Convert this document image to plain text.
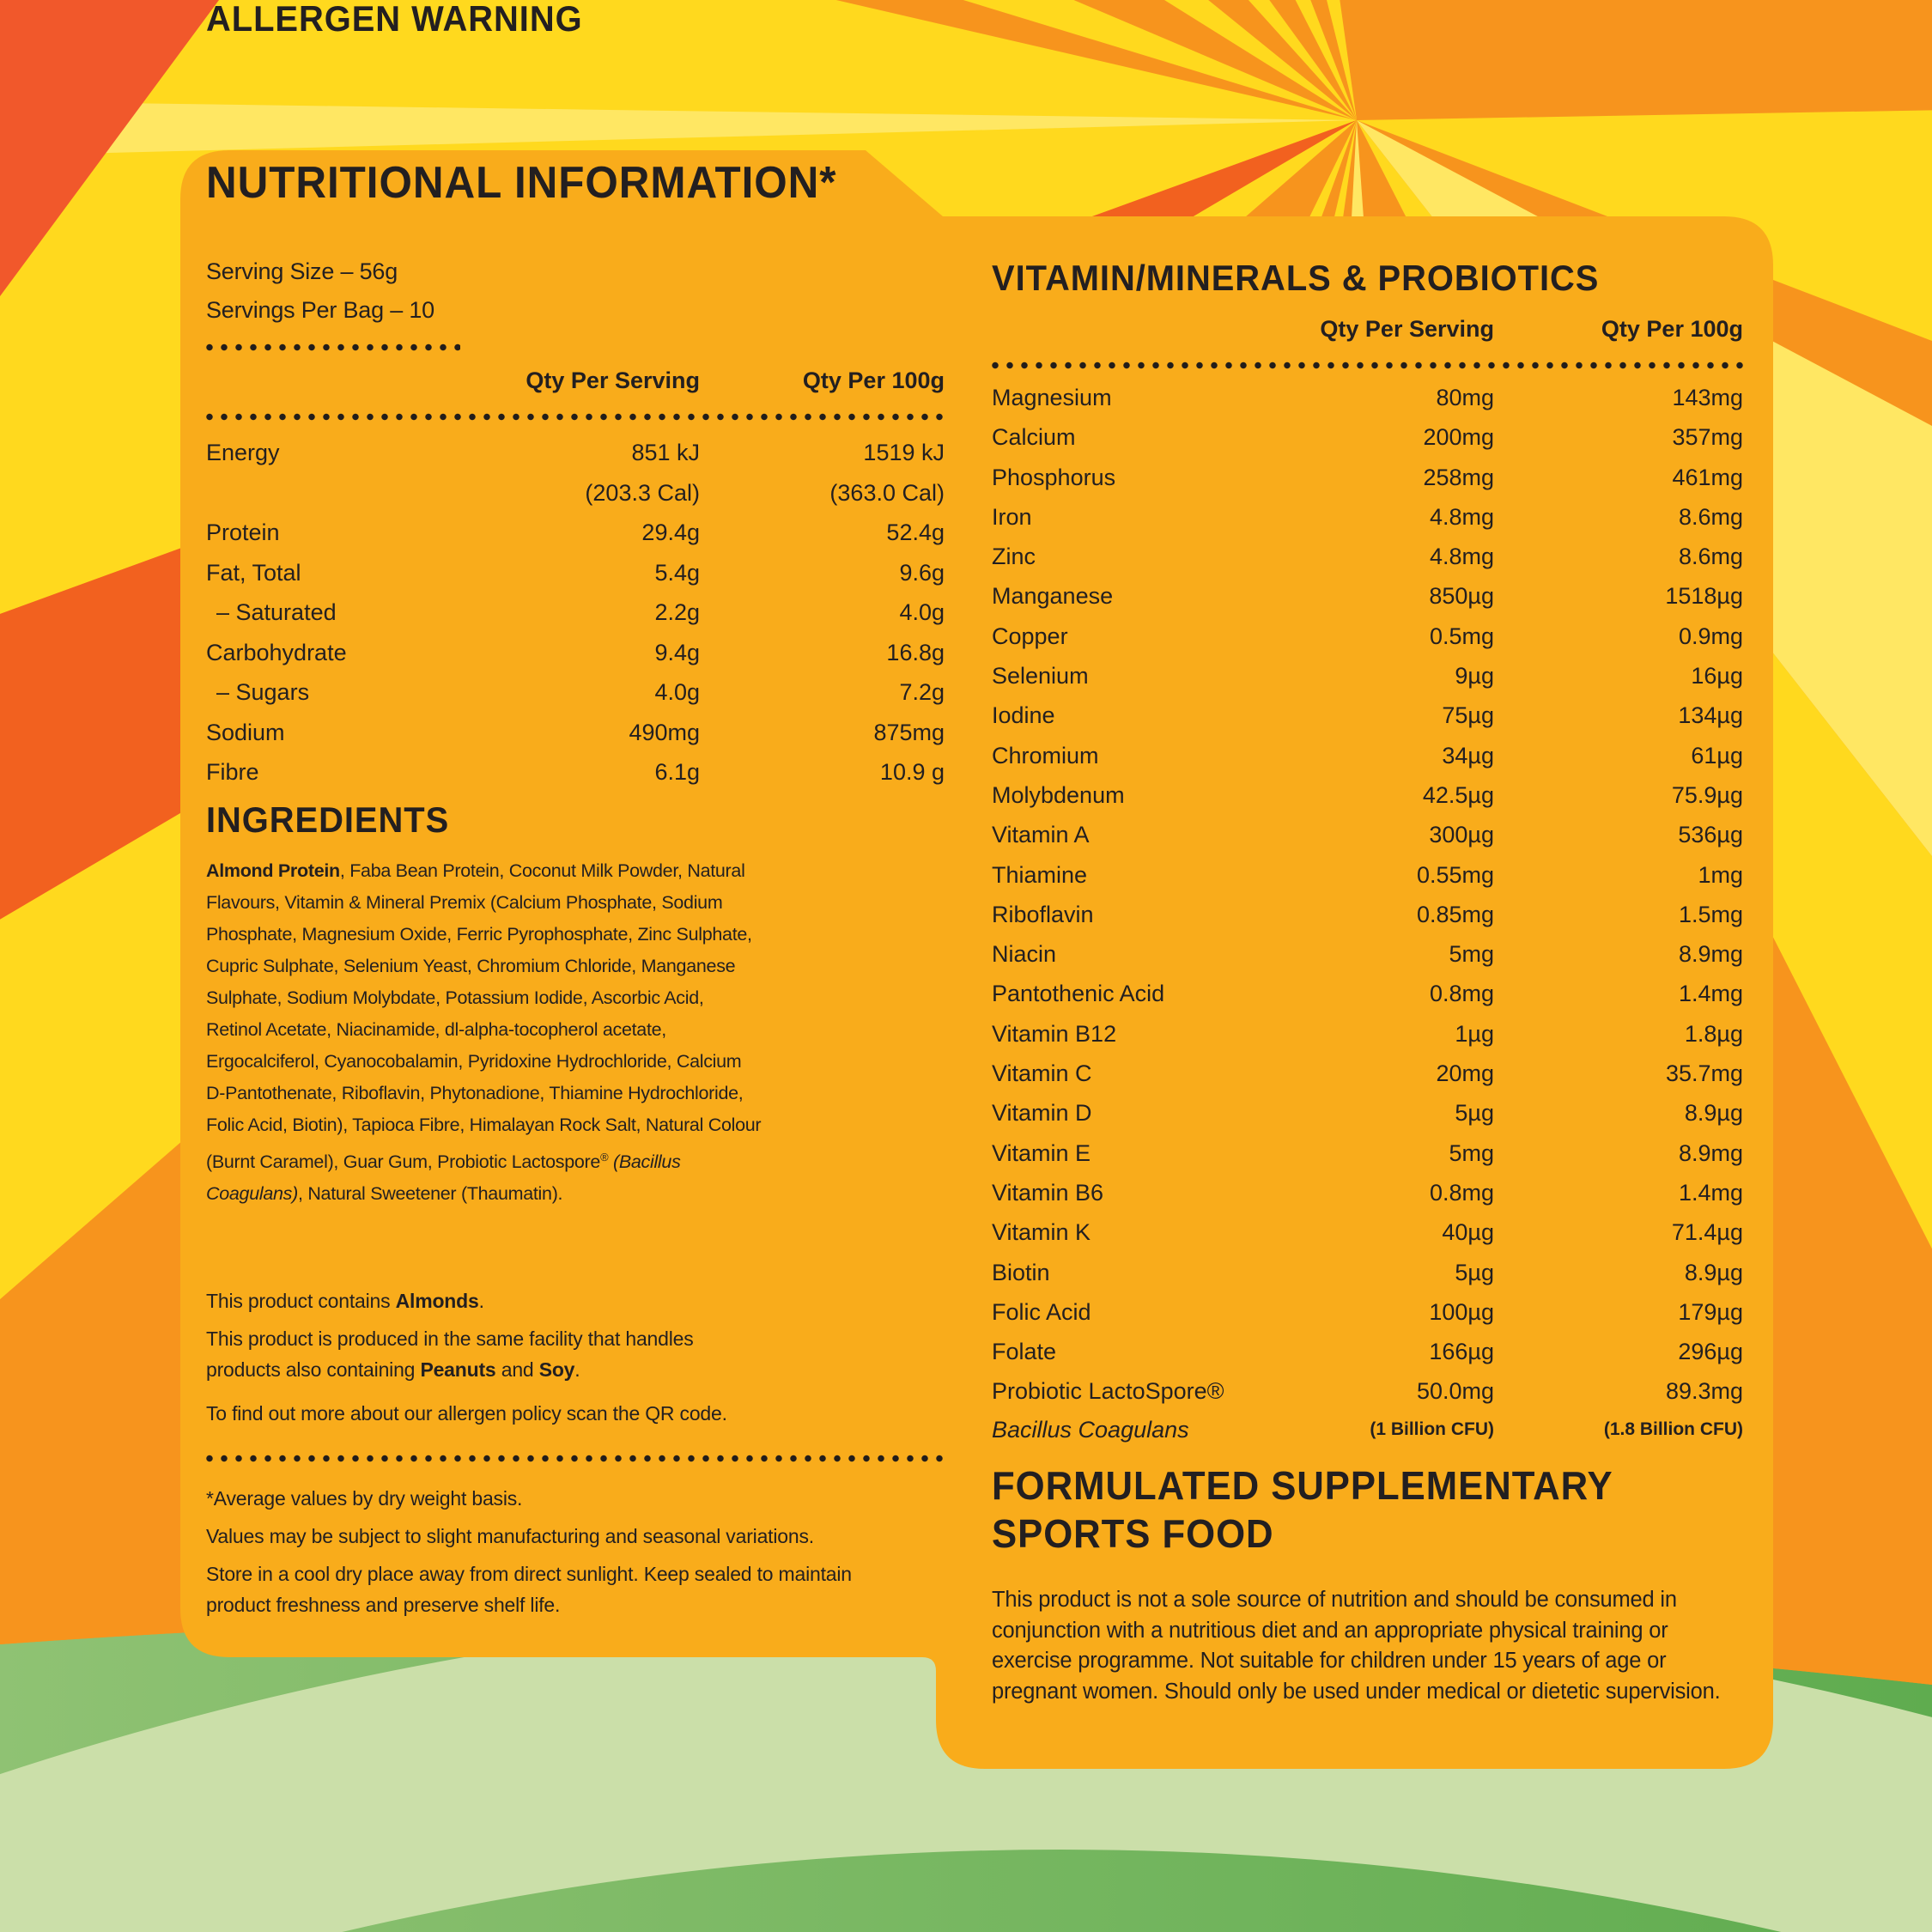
NUTRITIONAL INFORMATION*
Serving Size – 56g
Servings Per Bag – 10
Qty Per Serving	Qty Per 100g
Energy	851 kJ	1519 kJ
(203.3 Cal)	(363.0 Cal)
Protein	29.4g	52.4g
Fat, Total	5.4g	9.6g
– Saturated	2.2g	4.0g
Carbohydrate	9.4g	16.8g
– Sugars	4.0g	7.2g
Sodium	490mg	875mg
Fibre	6.1g	10.9 g
INGREDIENTS

Almond Protein, Faba Bean Protein, Coconut Milk Powder, Natural Flavours, Vitamin & Mineral Premix (Calcium Phosphate, Sodium Phosphate, Magnesium Oxide, Ferric Pyrophosphate, Zinc Sulphate, Cupric Sulphate, Selenium Yeast, Chromium Chloride, Manganese Sulphate, Sodium Molybdate, Potassium Iodide, Ascorbic Acid, Retinol Acetate, Niacinamide, dl-alpha-tocopherol acetate, Ergocalciferol, Cyanocobalamin, Pyridoxine Hydrochloride, Calcium D-Pantothenate, Riboflavin, Phytonadione, Thiamine Hydrochloride, Folic Acid, Biotin), Tapioca Fibre, Himalayan Rock Salt, Natural Colour (Burnt Caramel), Guar Gum, Probiotic Lactospore® (Bacillus Coagulans), Natural Sweetener (Thaumatin).

ALLERGEN WARNING

This product contains Almonds.

This product is produced in the same facility that handles products also containing Peanuts and Soy.

To find out more about our allergen policy scan the QR code.

*Average values by dry weight basis.

Values may be subject to slight manufacturing and seasonal variations.

Store in a cool dry place away from direct sunlight. Keep sealed to maintain product freshness and preserve shelf life.

VITAMIN/MINERALS & PROBIOTICS
Qty Per Serving	Qty Per 100g
Magnesium	80mg	143mg
Calcium	200mg	357mg
Phosphorus	258mg	461mg
Iron	4.8mg	8.6mg
Zinc	4.8mg	8.6mg
Manganese	850µg	1518µg
Copper	0.5mg	0.9mg
Selenium	9µg	16µg
Iodine	75µg	134µg
Chromium	34µg	61µg
Molybdenum	42.5µg	75.9µg
Vitamin A	300µg	536µg
Thiamine	0.55mg	1mg
Riboflavin	0.85mg	1.5mg
Niacin	5mg	8.9mg
Pantothenic Acid	0.8mg	1.4mg
Vitamin B12	1µg	1.8µg
Vitamin C	20mg	35.7mg
Vitamin D	5µg	8.9µg
Vitamin E	5mg	8.9mg
Vitamin B6	0.8mg	1.4mg
Vitamin K	40µg	71.4µg
Biotin	5µg	8.9µg
Folic Acid	100µg	179µg
Folate	166µg	296µg
Probiotic LactoSpore®	50.0mg	89.3mg
Bacillus Coagulans	(1 Billion CFU)	(1.8 Billion CFU)
FORMULATED SUPPLEMENTARY
SPORTS FOOD

This product is not a sole source of nutrition and should be consumed in conjunction with a nutritious diet and an appropriate physical training or exercise programme. Not suitable for children under 15 years of age or pregnant women. Should only be used under medical or dietetic supervision.
